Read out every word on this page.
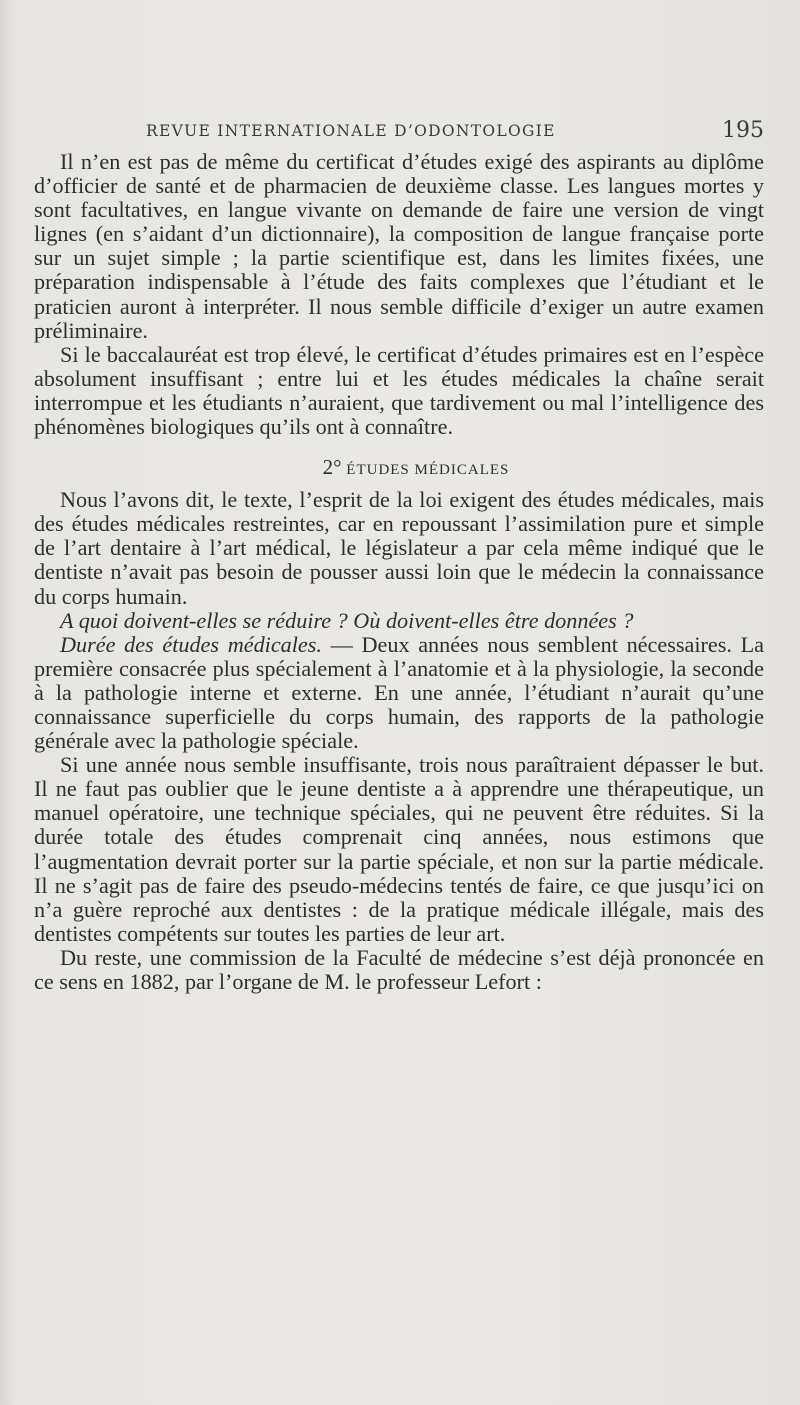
REVUE INTERNATIONALE D’ODONTOLOGIE	195

Il n’en est pas de même du certificat d’études exigé des aspirants au diplôme d’officier de santé et de pharmacien de deuxième classe. Les langues mortes y sont facultatives, en langue vivante on demande de faire une version de vingt lignes (en s’aidant d’un dictionnaire), la composition de langue française porte sur un sujet simple ; la partie scientifique est, dans les limites fixées, une préparation indispensable à l’étude des faits complexes que l’étudiant et le praticien auront à interpréter. Il nous semble difficile d’exiger un autre examen préliminaire.

Si le baccalauréat est trop élevé, le certificat d’études primaires est en l’espèce absolument insuffisant ; entre lui et les études médicales la chaîne serait interrompue et les étudiants n’auraient, que tardivement ou mal l’intelligence des phénomènes biologiques qu’ils ont à connaître.

2° ÉTUDES MÉDICALES

Nous l’avons dit, le texte, l’esprit de la loi exigent des études médicales, mais des études médicales restreintes, car en repoussant l’assimilation pure et simple de l’art dentaire à l’art médical, le législateur a par cela même indiqué que le dentiste n’avait pas besoin de pousser aussi loin que le médecin la connaissance du corps humain.

A quoi doivent-elles se réduire ? Où doivent-elles être données ?

Durée des études médicales. — Deux années nous semblent nécessaires. La première consacrée plus spécialement à l’anatomie et à la physiologie, la seconde à la pathologie interne et externe. En une année, l’étudiant n’aurait qu’une connaissance superficielle du corps humain, des rapports de la pathologie générale avec la pathologie spéciale.

Si une année nous semble insuffisante, trois nous paraîtraient dépasser le but. Il ne faut pas oublier que le jeune dentiste a à apprendre une thérapeutique, un manuel opératoire, une technique spéciales, qui ne peuvent être réduites. Si la durée totale des études comprenait cinq années, nous estimons que l’augmentation devrait porter sur la partie spéciale, et non sur la partie médicale. Il ne s’agit pas de faire des pseudo-médecins tentés de faire, ce que jusqu’ici on n’a guère reproché aux dentistes : de la pratique médicale illégale, mais des dentistes compétents sur toutes les parties de leur art.

Du reste, une commission de la Faculté de médecine s’est déjà prononcée en ce sens en 1882, par l’organe de M. le professeur Lefort :
